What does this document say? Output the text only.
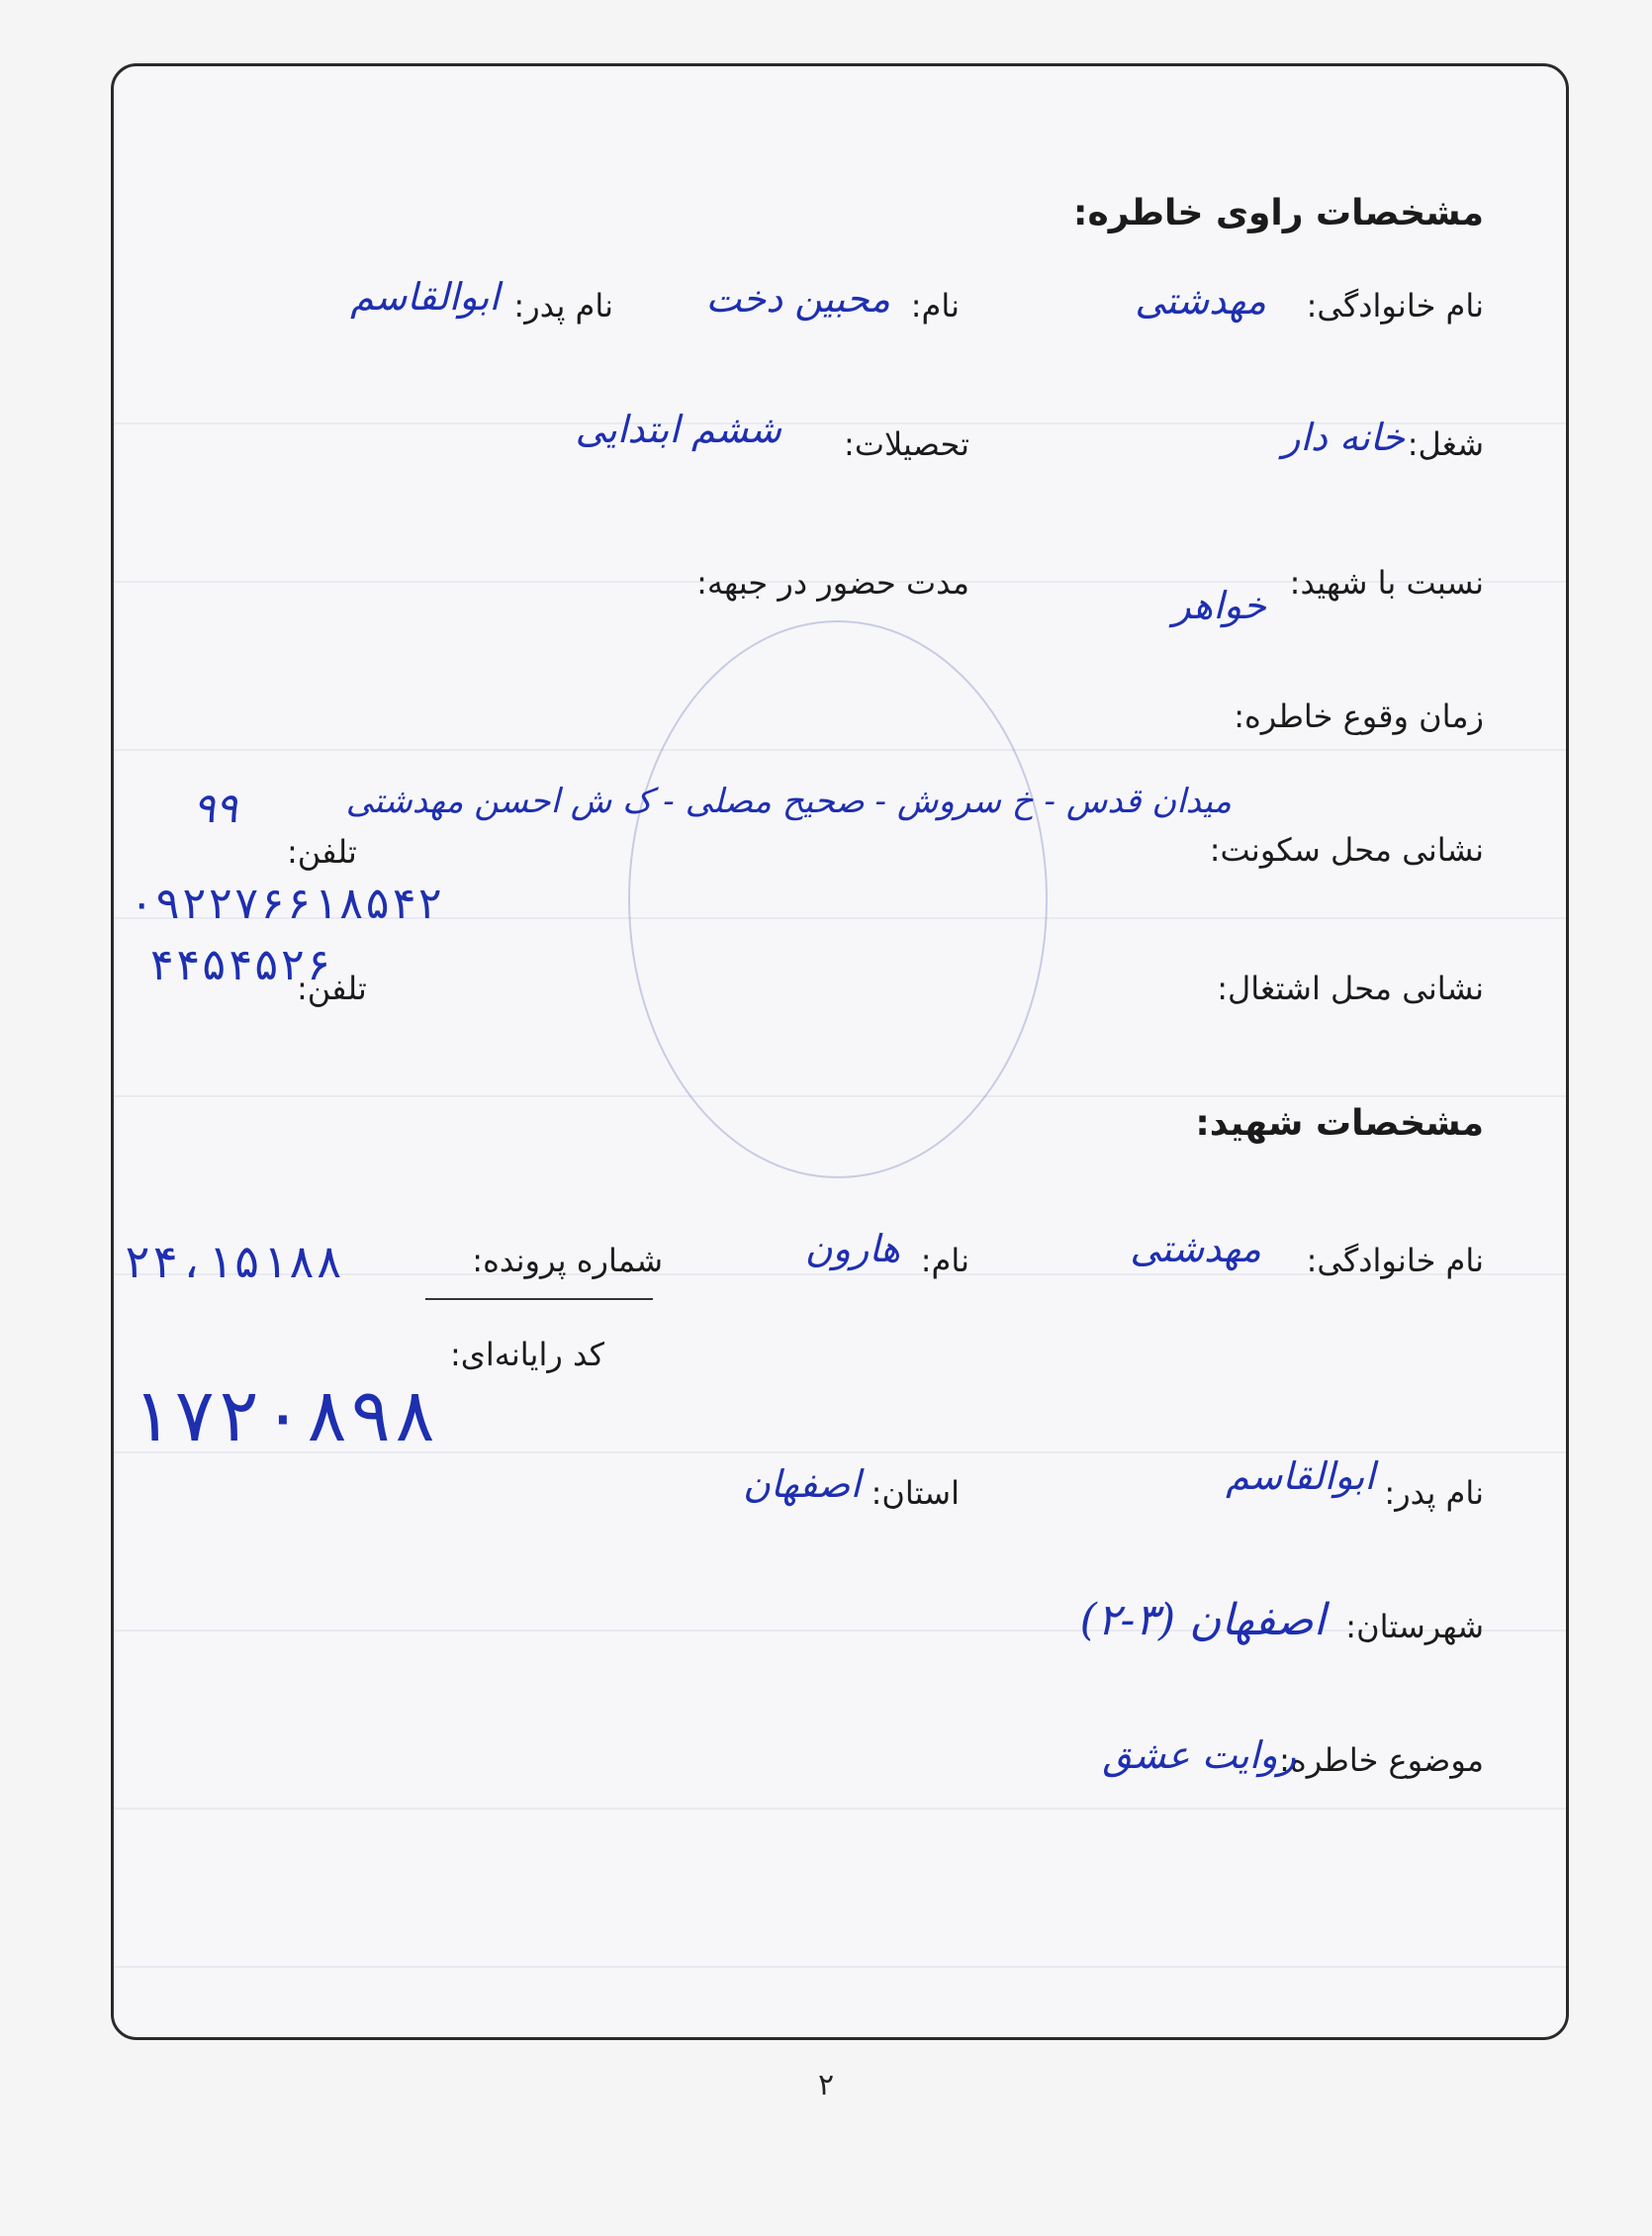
مشخصات راوی خاطره:
نام خانوادگی:
مهدشتی
نام:
محبین دخت
نام پدر:
ابوالقاسم
شغل:
خانه دار
تحصیلات:
ششم ابتدایی
نسبت با شهید:
خواهر
مدت حضور در جبهه:
زمان وقوع خاطره:
نشانی محل سکونت:
میدان قدس - خ سروش - صحیح مصلی - ک ش احسن مهدشتی
۹۹
تلفن:
۰۹۲۲۷۶۶۱۸۵۴۲
۴۴۵۴۵۲۶	نشانی محل اشتغال:
تلفن:
مشخصات شهید:
نام خانوادگی:
مهدشتی
نام:
هارون
شماره پرونده:
۲۴،۱۵۱۸۸
کد رایانه‌ای:
۱۷۲۰۸۹۸
نام پدر:
ابوالقاسم
استان:
اصفهان
شهرستان:
اصفهان (۳-۲)
موضوع خاطره:
روایت عشق
۲
